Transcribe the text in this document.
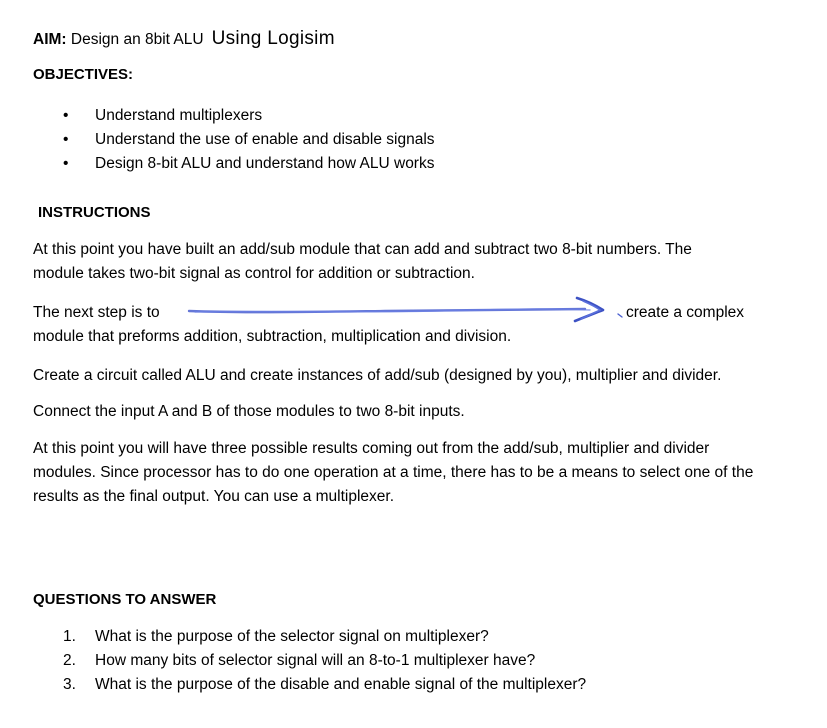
AIM: Design an 8bit ALU Using Logisim
OBJECTIVES:
• Understand multiplexers
• Understand the use of enable and disable signals
• Design 8-bit ALU and understand how ALU works
INSTRUCTIONS
At this point you have built an add/sub module that can add and subtract two 8-bit numbers. The
module takes two-bit signal as control for addition or subtraction.
The next step is to
module that preforms addition, subtraction, multiplication and division.
create a complex
Create a circuit called ALU and create instances of add/sub (designed by you), multiplier and divider.
Connect the input A and B of those modules to two 8-bit inputs.
At this point you will have three possible results coming out from the add/sub, multiplier and divider
modules. Since processor has to do one operation at a time, there has to be a means to select one of the
results as the final output. You can use a multiplexer.
QUESTIONS TO ANSWER
1. What is the purpose of the selector signal on multiplexer?
2. How many bits of selector signal will an 8-to-1 multiplexer have?
3. What is the purpose of the disable and enable signal of the multiplexer?
